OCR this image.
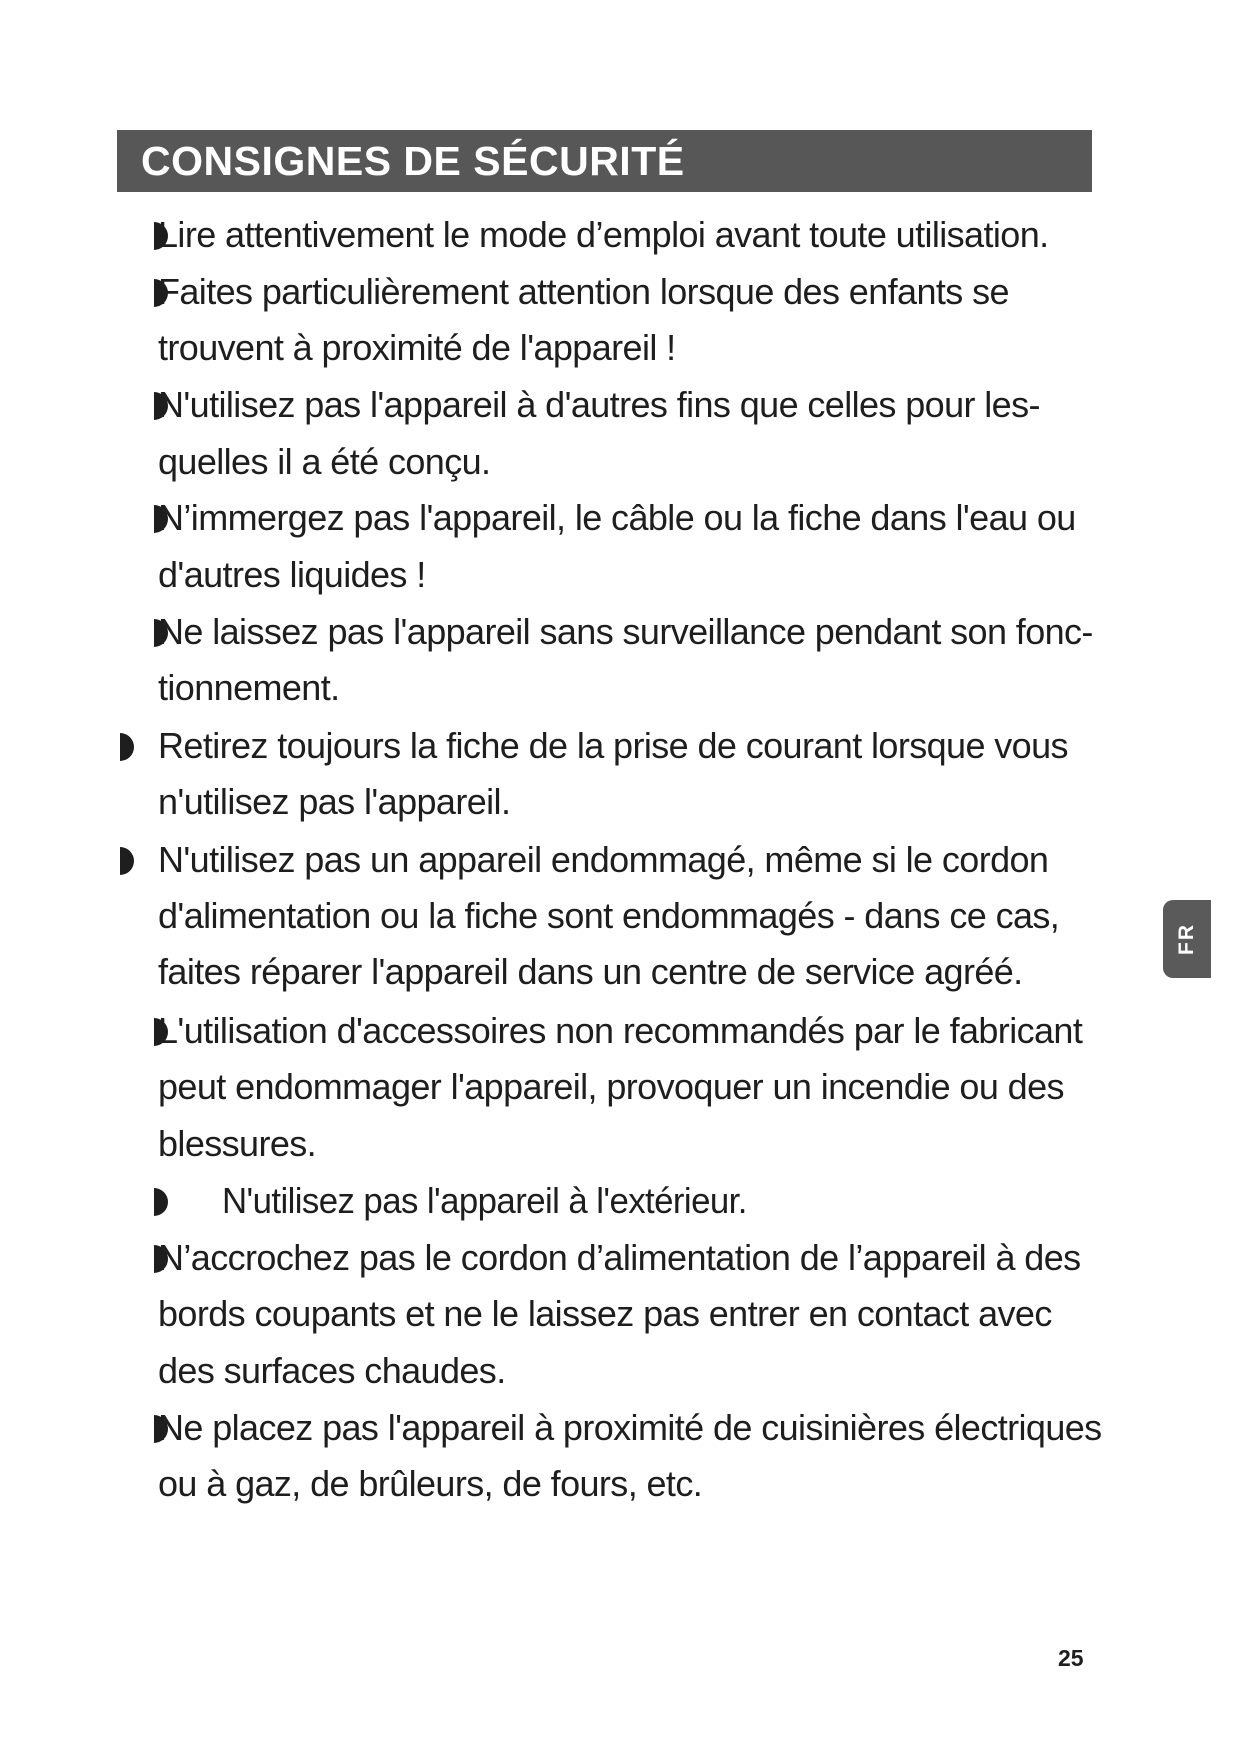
CONSIGNES DE SÉCURITÉ
FR
Lire attentivement le mode d’emploi avant toute utilisation.
Faites particulièrement attention lorsque des enfants se
trouvent à proximité de l'appareil !
N'utilisez pas l'appareil à d'autres fins que celles pour les-
quelles il a été conçu.
N’immergez pas l'appareil, le câble ou la fiche dans l'eau ou
d'autres liquides !
Ne laissez pas l'appareil sans surveillance pendant son fonc-
tionnement.
Retirez toujours la fiche de la prise de courant lorsque vous
n'utilisez pas l'appareil.
N'utilisez pas un appareil endommagé, même si le cordon
d'alimentation ou la fiche sont endommagés - dans ce cas,
faites réparer l'appareil dans un centre de service agréé.
L'utilisation d'accessoires non recommandés par le fabricant
peut endommager l'appareil, provoquer un incendie ou des
blessures.
N'utilisez pas l'appareil à l'extérieur.
N’accrochez pas le cordon d’alimentation de l’appareil à des
bords coupants et ne le laissez pas entrer en contact avec
des surfaces chaudes.
Ne placez pas l'appareil à proximité de cuisinières électriques
ou à gaz, de brûleurs, de fours, etc.
25
